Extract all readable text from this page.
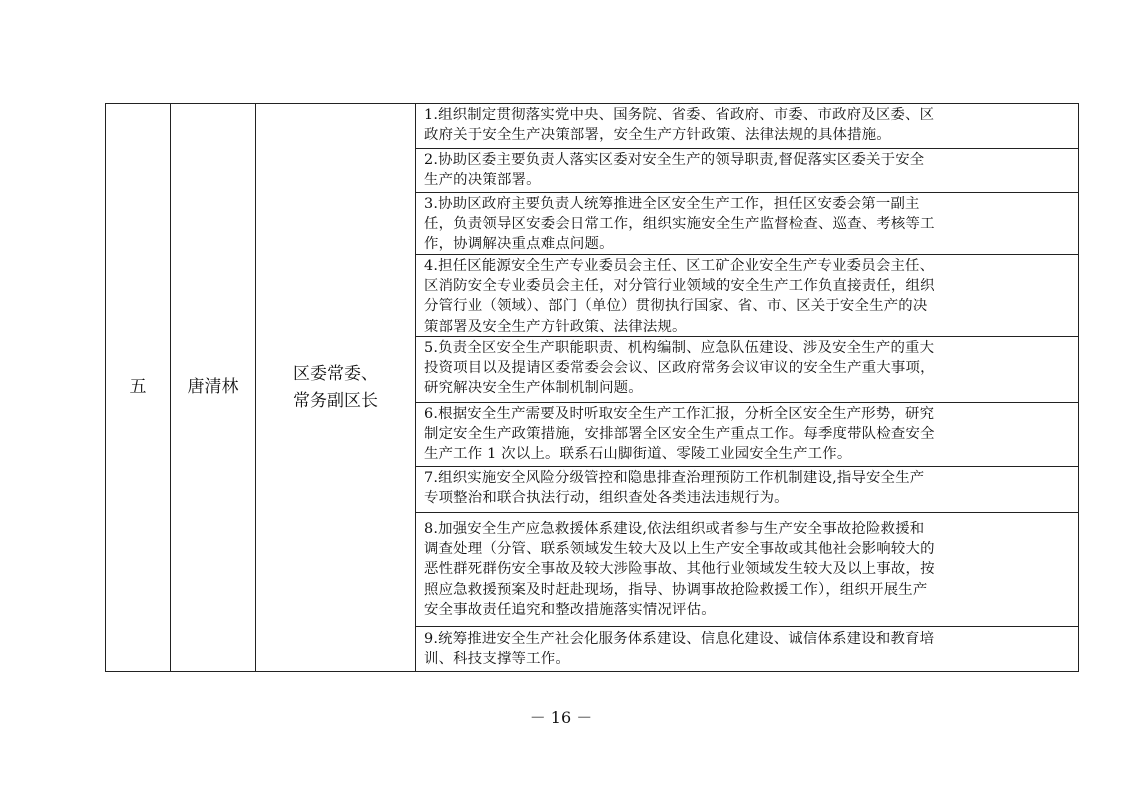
五 唐清林
区委常委、
常务副区长
1.组织制定贯彻落实党中央、国务院、省委、省政府、市委、市政府及区委、区
政府关于安全生产决策部署，安全生产方针政策、法律法规的具体措施。
2.协助区委主要负责人落实区委对安全生产的领导职责,督促落实区委关于安全
生产的决策部署。
3.协助区政府主要负责人统筹推进全区安全生产工作，担任区安委会第一副主
任，负责领导区安委会日常工作，组织实施安全生产监督检查、巡查、考核等工
作，协调解决重点难点问题。
4.担任区能源安全生产专业委员会主任、区工矿企业安全生产专业委员会主任、
区消防安全专业委员会主任，对分管行业领域的安全生产工作负直接责任，组织
分管行业（领域）、部门（单位）贯彻执行国家、省、市、区关于安全生产的决
策部署及安全生产方针政策、法律法规。
5.负责全区安全生产职能职责、机构编制、应急队伍建设、涉及安全生产的重大
投资项目以及提请区委常委会会议、区政府常务会议审议的安全生产重大事项，
研究解决安全生产体制机制问题。
6.根据安全生产需要及时听取安全生产工作汇报，分析全区安全生产形势，研究
制定安全生产政策措施，安排部署全区安全生产重点工作。每季度带队检查安全
生产工作 1 次以上。联系石山脚街道、零陵工业园安全生产工作。
7.组织实施安全风险分级管控和隐患排查治理预防工作机制建设,指导安全生产
专项整治和联合执法行动，组织查处各类违法违规行为。
8.加强安全生产应急救援体系建设,依法组织或者参与生产安全事故抢险救援和
调查处理（分管、联系领域发生较大及以上生产安全事故或其他社会影响较大的
恶性群死群伤安全事故及较大涉险事故、其他行业领域发生较大及以上事故，按
照应急救援预案及时赶赴现场，指导、协调事故抢险救援工作），组织开展生产
安全事故责任追究和整改措施落实情况评估。
9.统筹推进安全生产社会化服务体系建设、信息化建设、诚信体系建设和教育培
训、科技支撑等工作。
－ 16 －
